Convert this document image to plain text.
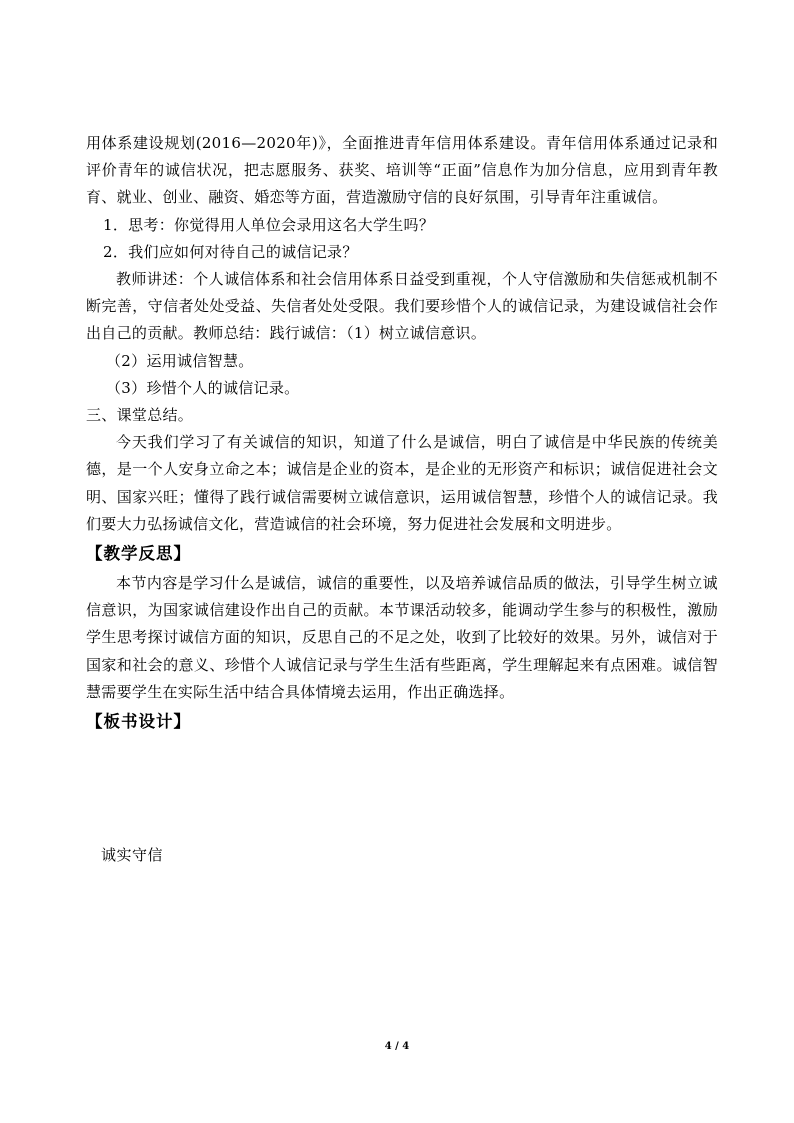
用体系建设规划(2016—2020年)》，全面推进青年信用体系建设。青年信用体系通过记录和评价青年的诚信状况，把志愿服务、获奖、培训等“正面”信息作为加分信息，应用到青年教育、就业、创业、融资、婚恋等方面，营造激励守信的良好氛围，引导青年注重诚信。

1．思考：你觉得用人单位会录用这名大学生吗？

2．我们应如何对待自己的诚信记录？

教师讲述：个人诚信体系和社会信用体系日益受到重视，个人守信激励和失信惩戒机制不断完善，守信者处处受益、失信者处处受限。我们要珍惜个人的诚信记录，为建设诚信社会作出自己的贡献。教师总结：践行诚信：（1）树立诚信意识。

（2）运用诚信智慧。

（3）珍惜个人的诚信记录。

三、课堂总结。

今天我们学习了有关诚信的知识，知道了什么是诚信，明白了诚信是中华民族的传统美德，是一个人安身立命之本；诚信是企业的资本，是企业的无形资产和标识；诚信促进社会文明、国家兴旺；懂得了践行诚信需要树立诚信意识，运用诚信智慧，珍惜个人的诚信记录。我们要大力弘扬诚信文化，营造诚信的社会环境，努力促进社会发展和文明进步。

【教学反思】

本节内容是学习什么是诚信，诚信的重要性，以及培养诚信品质的做法，引导学生树立诚信意识，为国家诚信建设作出自己的贡献。本节课活动较多，能调动学生参与的积极性，激励学生思考探讨诚信方面的知识，反思自己的不足之处，收到了比较好的效果。另外，诚信对于国家和社会的意义、珍惜个人诚信记录与学生生活有些距离，学生理解起来有点困难。诚信智慧需要学生在实际生活中结合具体情境去运用，作出正确选择。

【板书设计】

诚实守信

4 / 4
